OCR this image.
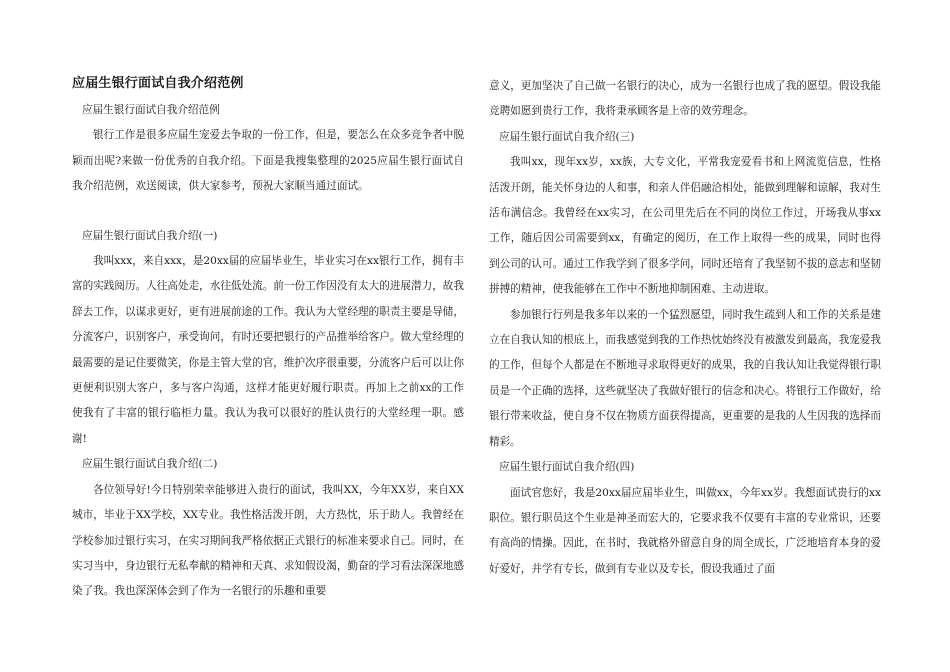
应届生银行面试自我介绍范例

应届生银行面试自我介绍范例

银行工作是很多应届生宠爱去争取的一份工作，但是，要怎么在众多竞争者中脱颖而出呢?来做一份优秀的自我介绍。下面是我搜集整理的2025应届生银行面试自我介绍范例，欢送阅读，供大家参考，预祝大家顺当通过面试。

应届生银行面试自我介绍(一)

我叫xxx，来自xxx，是20xx届的应届毕业生，毕业实习在xx银行工作，拥有丰富的实践阅历。人往高处走，水往低处流。前一份工作因没有太大的进展潜力，故我辞去工作，以谋求更好，更有进展前途的工作。我认为大堂经理的职责主要是导储，分流客户，识别客户，承受询问，有时还要把银行的产品推举给客户。做大堂经理的最需要的是记住要微笑，你是主管大堂的官，维护次序很重要，分流客户后可以让你更便利识别大客户，多与客户沟通，这样才能更好履行职责。再加上之前xx的工作使我有了丰富的银行临柜力量。我认为我可以很好的胜认贵行的大堂经理一职。感谢!

应届生银行面试自我介绍(二)

各位领导好!今日特别荣幸能够进入贵行的面试，我叫XX，今年XX岁，来自XX城市，毕业于XX学校，XX专业。我性格活泼开朗，大方热忱，乐于助人。我曾经在学校参加过银行实习，在实习期间我严格依据正式银行的标准来要求自己。同时，在实习当中，身边银行无私奉献的精神和天真、求知假设渴，勤奋的学习看法深深地感染了我。我也深深体会到了作为一名银行的乐趣和重要

意义，更加坚决了自己做一名银行的决心，成为一名银行也成了我的愿望。假设我能竞聘如愿到贵行工作，我将秉承顾客是上帝的效劳理念。

应届生银行面试自我介绍(三)

我叫xx，现年xx岁，xx族，大专文化，平常我宠爱看书和上网流览信息，性格活泼开朗，能关怀身边的人和事，和亲人伴侣融洽相处，能做到理解和谅解，我对生活布满信念。我曾经在xx实习，在公司里先后在不同的岗位工作过，开场我从事xx工作，随后因公司需要到xx，有确定的阅历，在工作上取得一些的成果，同时也得到公司的认可。通过工作我学到了很多学问，同时还培育了我坚韧不拔的意志和坚韧拼搏的精神，使我能够在工作中不断地抑制困难、主动进取。

参加银行行列是我多年以来的一个猛烈愿望，同时我生疏到人和工作的关系是建立在自我认知的根底上，而我感觉到我的工作热忱始终没有被激发到最高，我宠爱我的工作，但每个人都是在不断地寻求取得更好的成果，我的自我认知让我觉得银行职员是一个正确的选择，这些就坚决了我做好银行的信念和决心。将银行工作做好，给银行带来收益，使自身不仅在物质方面获得提高，更重要的是我的人生因我的选择而精彩。

应届生银行面试自我介绍(四)

面试官您好，我是20xx届应届毕业生，叫做xx，今年xx岁。我想面试贵行的xx职位。银行职员这个生业是神圣而宏大的，它要求我不仅要有丰富的专业常识，还要有高尚的情操。因此，在书时，我就格外留意自身的周全成长，广泛地培育本身的爱好爱好，并学有专长，做到有专业以及专长，假设我通过了面
